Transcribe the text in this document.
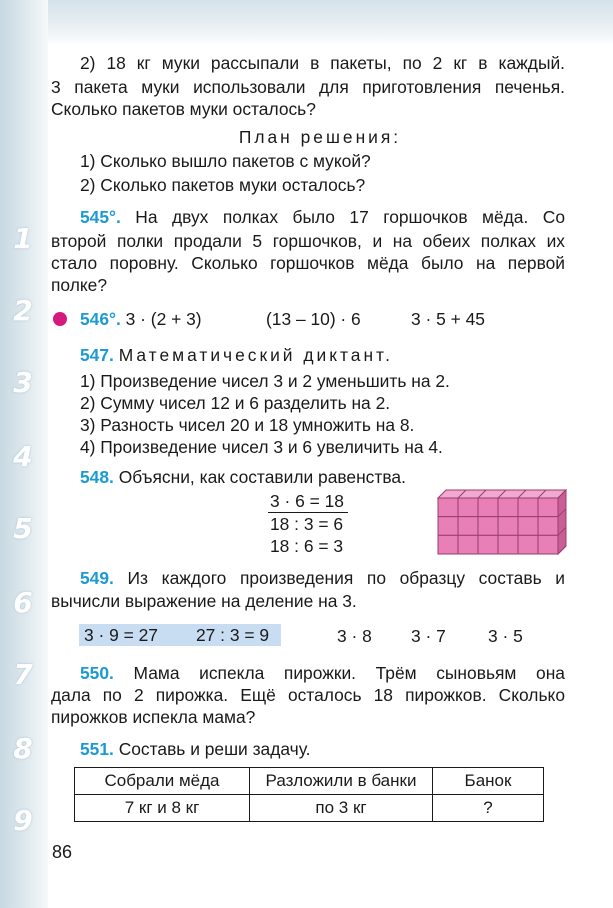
1
2
3
4
5
6
7
8
9
2) 18 кг муки рассыпали в пакеты, по 2 кг в каждый.
3 пакета муки использовали для приготовления печенья.
Сколько пакетов муки осталось?
План решения:
1) Сколько вышло пакетов с мукой?
2) Сколько пакетов муки осталось?
545°. На двух полках было 17 горшочков мёда. Со
второй полки продали 5 горшочков, и на обеих полках их
стало поровну. Сколько горшочков мёда было на первой
полке?
546°. 3 · (2 + 3)	(13 – 10) · 6	3 · 5 + 45
547. Математический диктант.
1) Произведение чисел 3 и 2 уменьшить на 2.
2) Сумму чисел 12 и 6 разделить на 2.
3) Разность чисел 20 и 18 умножить на 8.
4) Произведение чисел 3 и 6 увеличить на 4.
548. Объясни, как составили равенства.
3 · 6 = 18
18 : 3 = 6
18 : 6 = 3
549. Из каждого произведения по образцу составь и
вычисли выражение на деление на 3.
3 · 9 = 27 27 : 3 = 9	3 · 8 3 · 7 3 · 5
550. Мама испекла пирожки. Трём сыновьям она
дала по 2 пирожка. Ещё осталось 18 пирожков. Сколько
пирожков испекла мама?
551. Составь и реши задачу.
Собрали мёда	Разложили в банки	Банок
7 кг и 8 кг	по 3 кг	?
86
